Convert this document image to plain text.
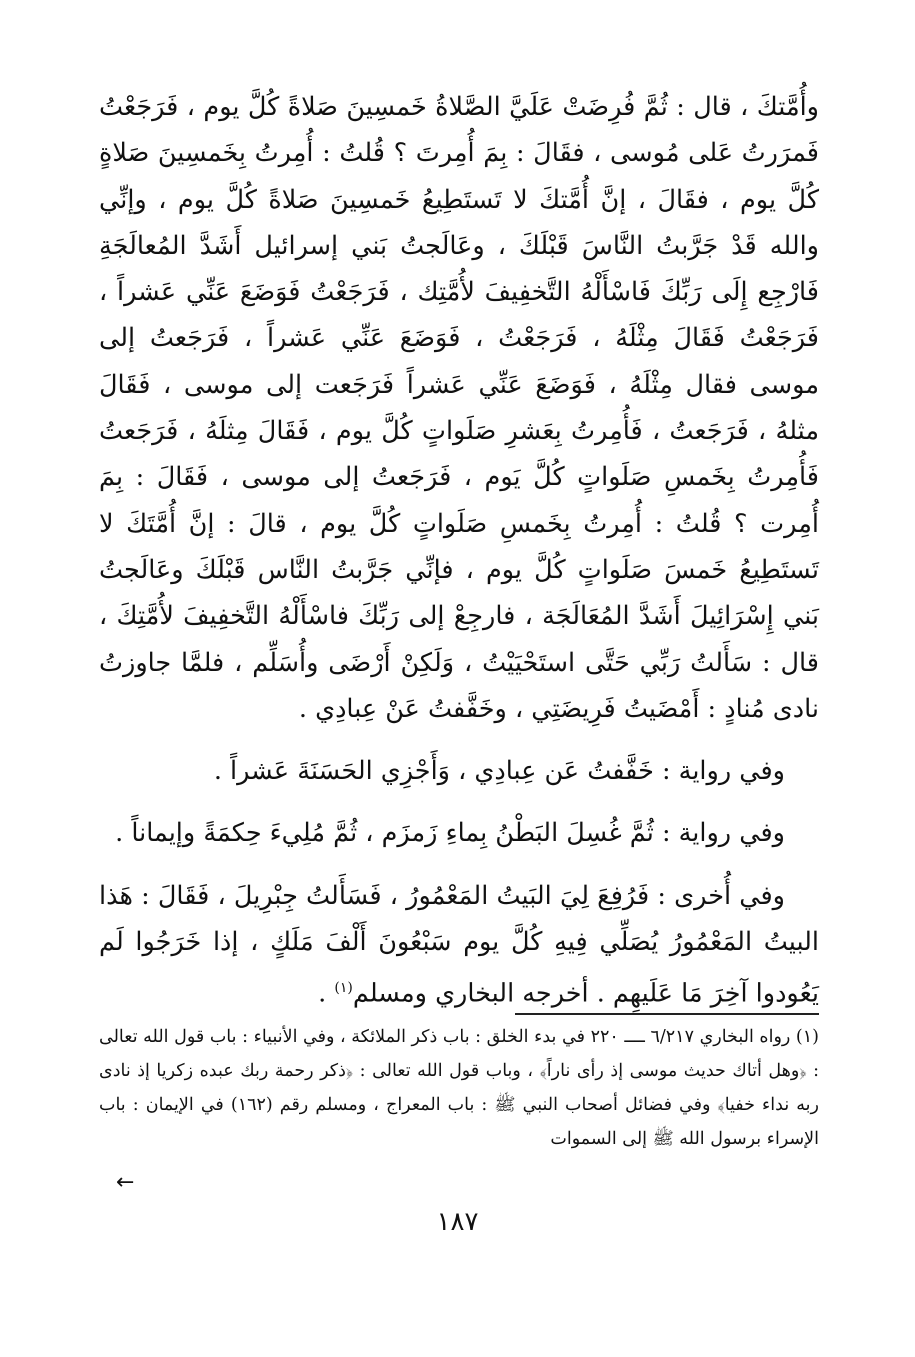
وأُمَّتكَ ، قال : ثُمَّ فُرِضَتْ عَلَيَّ الصَّلاةُ خَمسِينَ صَلاةً كُلَّ يوم ، فَرَجَعْتُ فَمرَرتُ عَلى مُوسى ، فقَالَ : بِمَ أُمِرتَ ؟ قُلتُ : أُمِرتُ بِخَمسِينَ صَلاةٍ كُلَّ يوم ، فقَالَ ، إنَّ أُمَّتكَ لا تَستَطِيعُ خَمسِينَ صَلاةً كُلَّ يوم ، وإنِّي والله قَدْ جَرَّبتُ النَّاسَ قَبْلَكَ ، وعَالَجتُ بَني إسرائيل أَشَدَّ المُعالَجَةِ فَارْجِع إِلَى رَبِّكَ فَاسْأَلْهُ التَّخفِيفَ لأُمَّتِك ، فَرَجَعْتُ فَوَضَعَ عَنِّي عَشراً ، فَرَجَعْتُ فَقَالَ مِثْلَهُ ، فَرَجَعْتُ ، فَوَضَعَ عَنِّي عَشراً ، فَرَجَعتُ إلى موسى فقال مِثْلَهُ ، فَوَضَعَ عَنِّي عَشراً فَرَجَعت إلى موسى ، فَقَالَ مثلهُ ، فَرَجَعتُ ، فَأُمِرتُ بِعَشرِ صَلَواتٍ كُلَّ يوم ، فَقَالَ مِثلَهُ ، فَرَجَعتُ فَأُمِرتُ بِخَمسِ صَلَواتٍ كُلَّ يَوم ، فَرَجَعتُ إلى موسى ، فَقَالَ : بِمَ أُمِرت ؟ قُلتُ : أُمِرتُ بِخَمسِ صَلَواتٍ كُلَّ يوم ، قالَ : إنَّ أُمَّتَكَ لا تَستَطِيعُ خَمسَ صَلَواتٍ كُلَّ يوم ، فإنِّي جَرَّبتُ النَّاس قَبْلَكَ وعَالَجتُ بَني إِسْرَائِيلَ أَشَدَّ المُعَالَجَة ، فارجِعْ إلى رَبِّكَ فاسْأَلْهُ التَّخفِيفَ لأُمَّتِكَ ، قال : سَأَلتُ رَبِّي حَتَّى استَحْيَيْتُ ، وَلَكِنْ أَرْضَى وأُسَلِّم ، فلمَّا جاوزتُ نادى مُنادٍ : أَمْضَيتُ فَرِيضَتِي ، وخَفَّفتُ عَنْ عِبادِي .

وفي رواية : خَفَّفتُ عَن عِبادِي ، وَأَجْزِي الحَسَنَةَ عَشراً .

وفي رواية : ثُمَّ غُسِلَ البَطْنُ بِماءِ زَمزَم ، ثُمَّ مُلِيءَ حِكمَةً وإيماناً .

وفي أُخرى : فَرُفِعَ لِيَ البَيتُ المَعْمُورُ ، فَسَأَلتُ جِبْرِيلَ ، فَقَالَ : هَذا البيتُ المَعْمُورُ يُصَلِّي فِيهِ كُلَّ يوم سَبْعُونَ أَلْفَ مَلَكٍ ، إذا خَرَجُوا لَم يَعُودوا آخِرَ مَا عَلَيهِم . أخرجه البخاري ومسلم$^{(١)}$ .

(١) رواه البخاري ٦/٢١٧ ــــ ٢٢٠ في بدء الخلق : باب ذكر الملائكة ، وفي الأنبياء : باب قول الله تعالى : ﴿وهل أتاك حديث موسى إذ رأى ناراً﴾ ، وباب قول الله تعالى : ﴿ذكر رحمة ربك عبده زكريا إذ نادى ربه نداء خفيا﴾ وفي فضائل أصحاب النبي ﷺ : باب المعراج ، ومسلم رقم (١٦٢) في الإيمان : باب الإسراء برسول الله ﷺ إلى السموات

←
١٨٧
